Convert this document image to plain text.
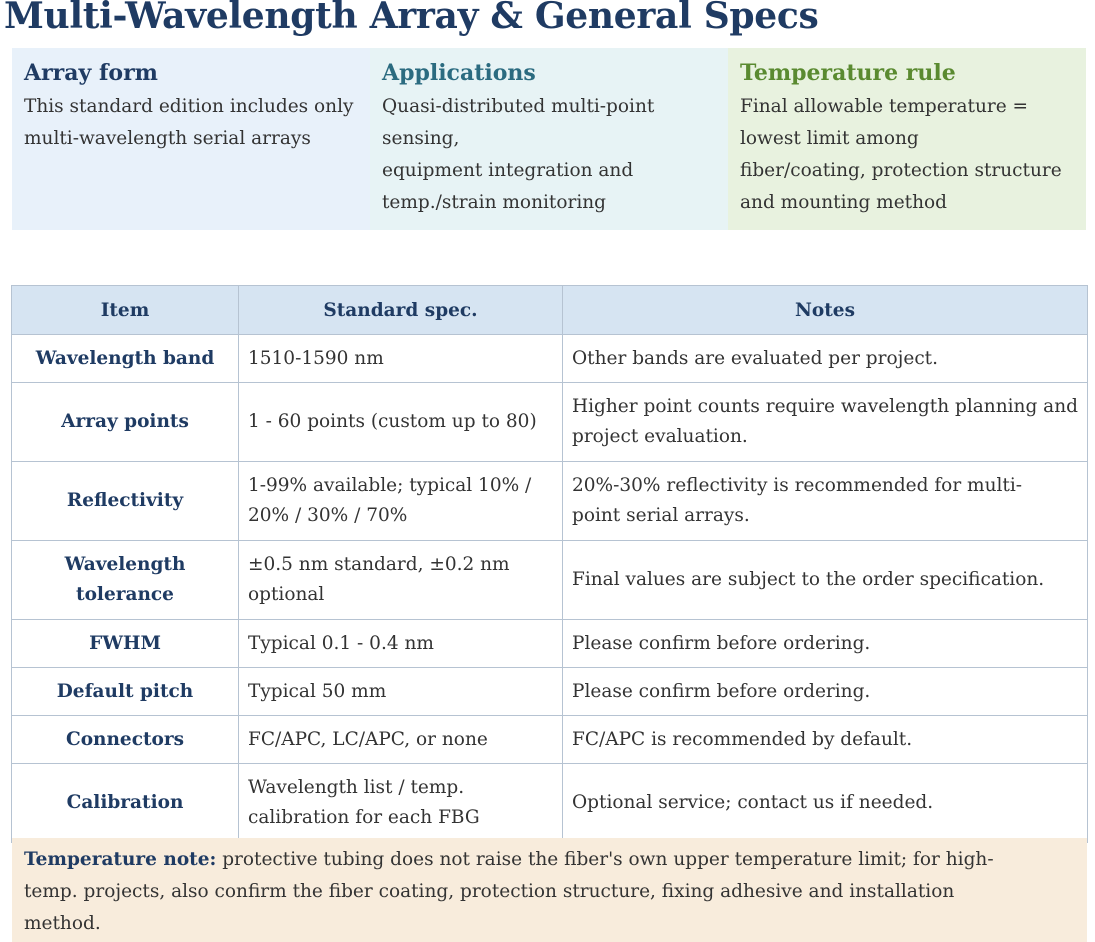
Multi-Wavelength Array & General Specs
Array form
This standard edition includes only
multi-wavelength serial arrays
Applications
Quasi-distributed multi-point
sensing,
equipment integration and
temp./strain monitoring
Temperature rule
Final allowable temperature =
lowest limit among
fiber/coating, protection structure
and mounting method
Item	Standard spec.	Notes
Wavelength band	1510-1590 nm	Other bands are evaluated per project.
Array points	1 - 60 points (custom up to 80)	Higher point counts require wavelength planning and
project evaluation.
Reflectivity	1-99% available; typical 10% /
20% / 30% / 70%	20%-30% reflectivity is recommended for multi-
point serial arrays.
Wavelength
tolerance	±0.5 nm standard, ±0.2 nm
optional	Final values are subject to the order specification.
FWHM	Typical 0.1 - 0.4 nm	Please confirm before ordering.
Default pitch	Typical 50 mm	Please confirm before ordering.
Connectors	FC/APC, LC/APC, or none	FC/APC is recommended by default.
Calibration	Wavelength list / temp.
calibration for each FBG	Optional service; contact us if needed.
Temperature note: protective tubing does not raise the fiber's own upper temperature limit; for high-
temp. projects, also confirm the fiber coating, protection structure, fixing adhesive and installation
method.
